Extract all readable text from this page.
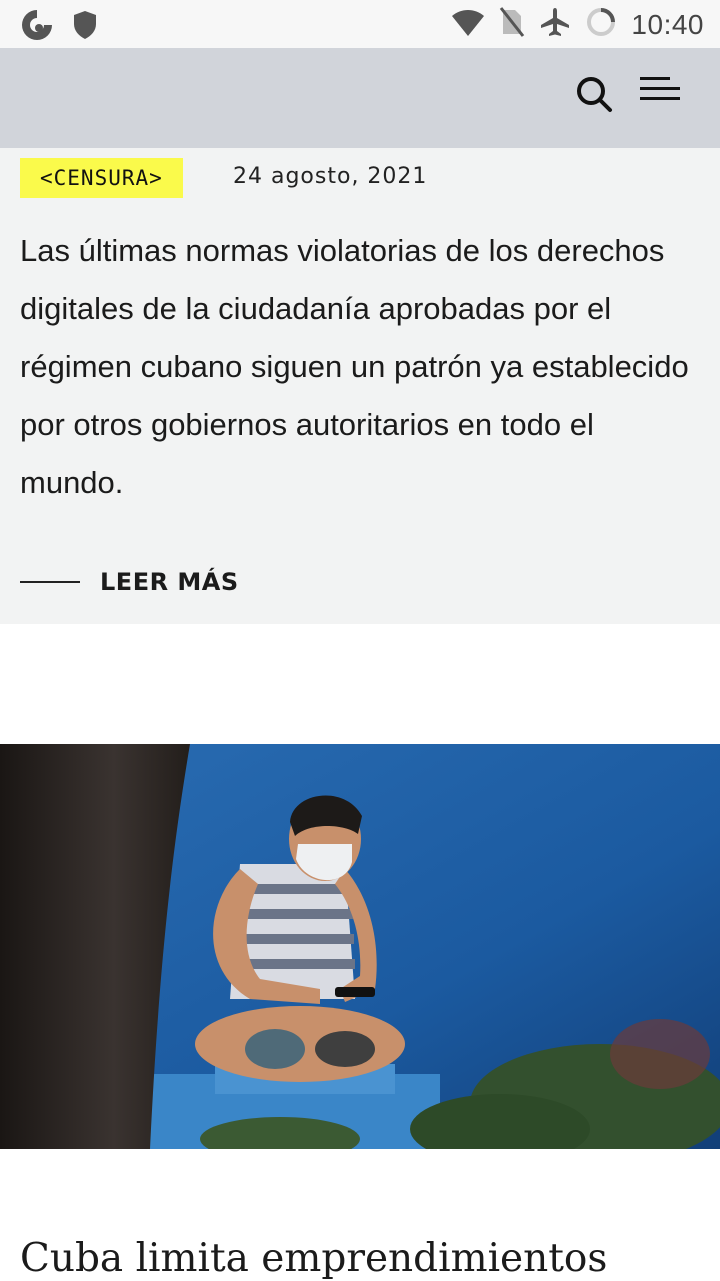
10:40
<CENSURA>	24 agosto, 2021
Las últimas normas violatorias de los derechos digitales de la ciudadanía aprobadas por el régimen cubano siguen un patrón ya establecido por otros gobiernos autoritarios en todo el mundo.
LEER MÁS
Cuba limita emprendimientos
